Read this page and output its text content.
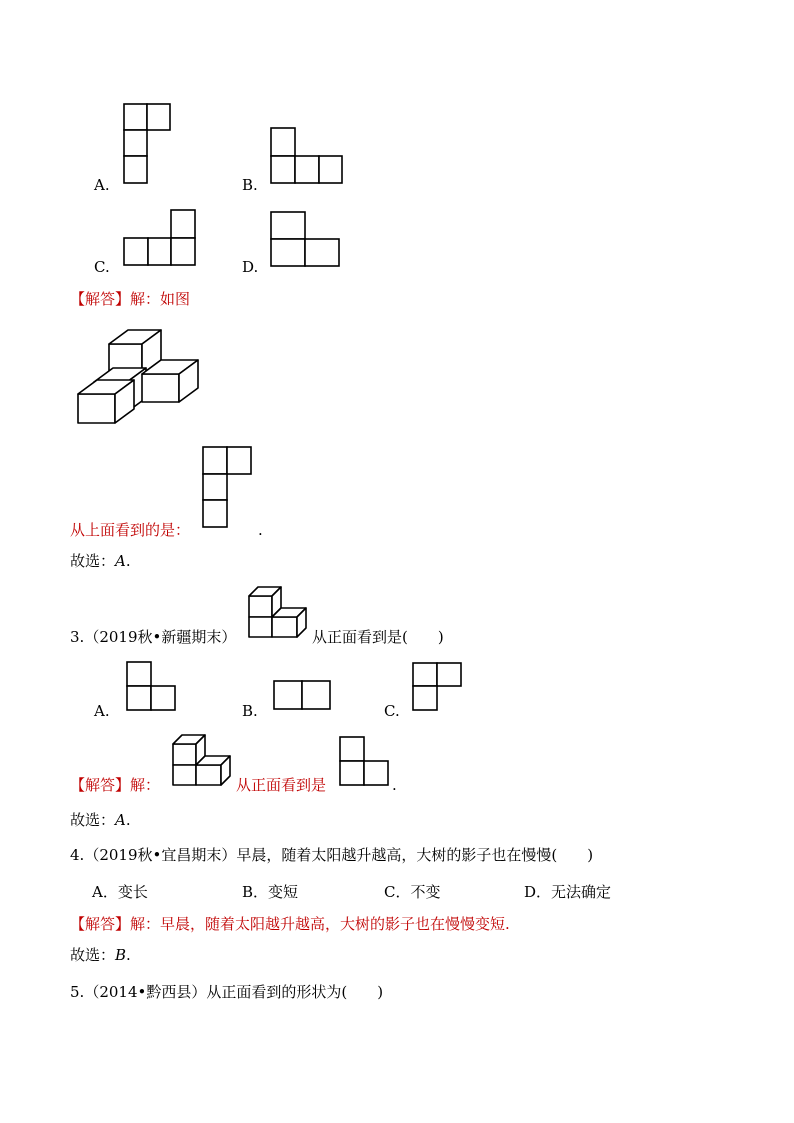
A.	B.
C.	D.
【解答】解：如图
从上面看到的是：	.
故选：A.
3.（2019秋•新疆期末）	从正面看到是(　　)
A.	B.	C.
【解答】解：	从正面看到是	.
故选：A.
4.（2019秋•宜昌期末）早晨，随着太阳越升越高，大树的影子也在慢慢(　　)
A．变长	B．变短	C．不变	D．无法确定
【解答】解：早晨，随着太阳越升越高，大树的影子也在慢慢变短.
故选：B.
5.（2014•黔西县）从正面看到的形状为(　　)
